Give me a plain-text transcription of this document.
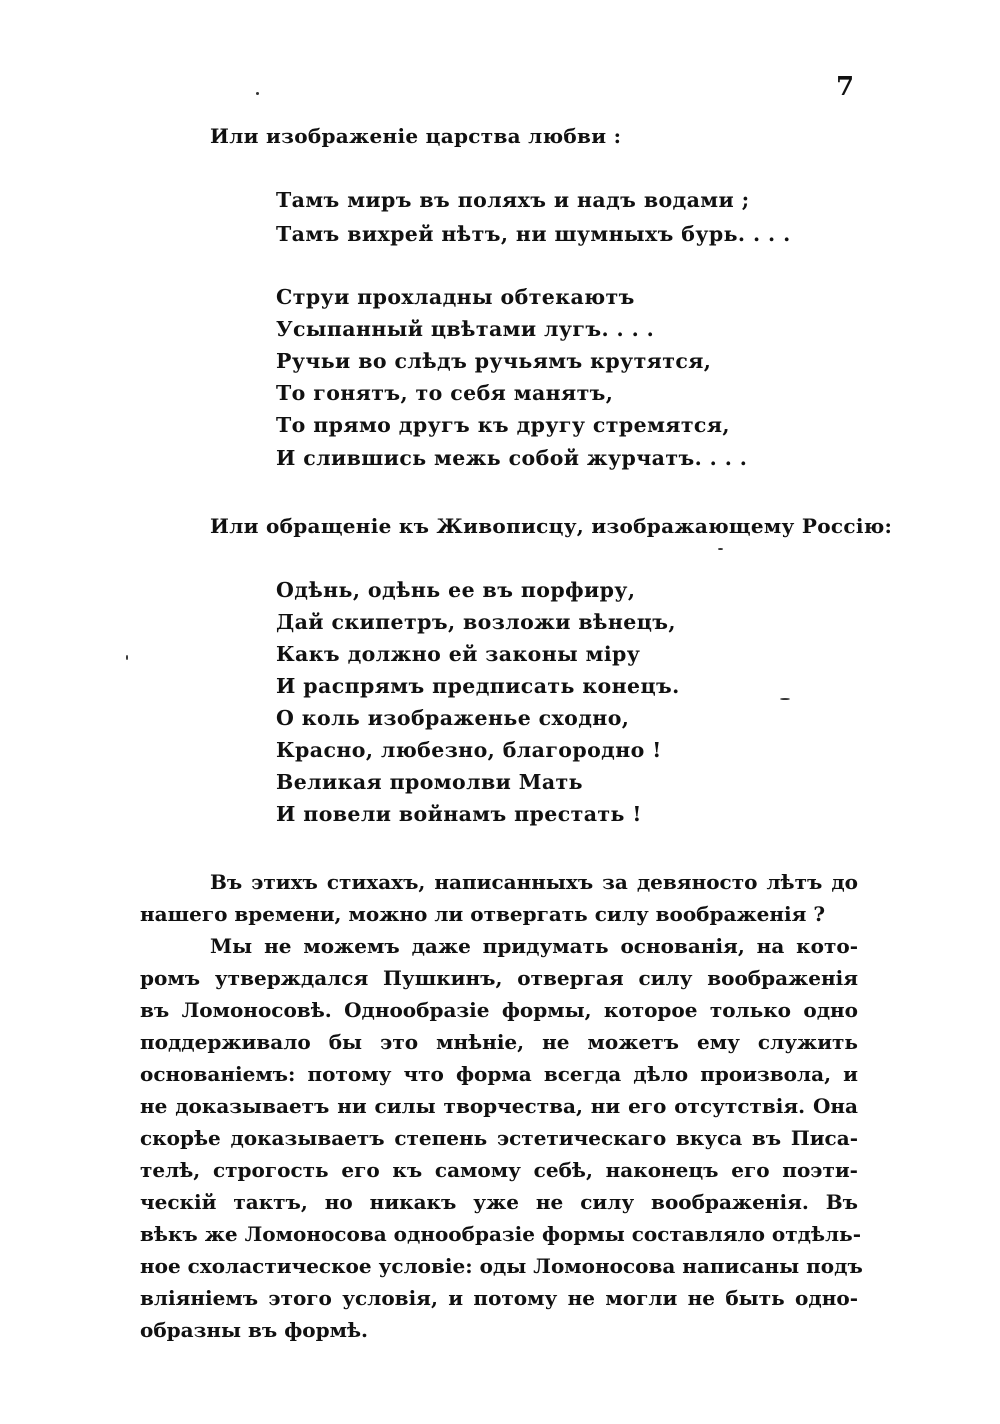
7
Или изображеніе царства любви :
Тамъ миръ въ поляхъ и надъ водами ;
Тамъ вихрей нѣтъ, ни шумныхъ бурь. . . .
Струи прохладны обтекаютъ
Усыпанный цвѣтами лугъ. . . .
Ручьи во слѣдъ ручьямъ крутятся,
То гонятъ, то себя манятъ,
То прямо другъ къ другу стремятся,
И слившись межь собой журчатъ. . . .
Или обращеніе къ Живописцу, изображающему Россію:
Одѣнь, одѣнь ее въ порфиру,
Дай скипетръ, возложи вѣнецъ,
Какъ должно ей законы міру
И распрямъ предписать конецъ.
О коль изображенье сходно,
Красно, любезно, благородно !
Великая промолви Мать
И повели войнамъ престать !
Въ этихъ стихахъ, написанныхъ за девяносто лѣтъ до
нашего времени, можно ли отвергать силу воображенія ?
Мы не можемъ даже придумать основанія, на кото-
ромъ утверждался Пушкинъ, отвергая силу воображенія
въ Ломоносовѣ. Однообразіе формы, которое только одно
поддерживало бы это мнѣніе, не можетъ ему служить
основаніемъ: потому что форма всегда дѣло произвола, и
не доказываетъ ни силы творчества, ни его отсутствія. Она
скорѣе доказываетъ степень эстетическаго вкуса въ Писа-
телѣ, строгость его къ самому себѣ, наконецъ его поэти-
ческій тактъ, но никакъ уже не силу воображенія. Въ
вѣкъ же Ломоносова однообразіе формы составляло отдѣль-
ное схоластическое условіе: оды Ломоносова написаны подъ
вліяніемъ этого условія, и потому не могли не быть одно-
образны въ формѣ.
